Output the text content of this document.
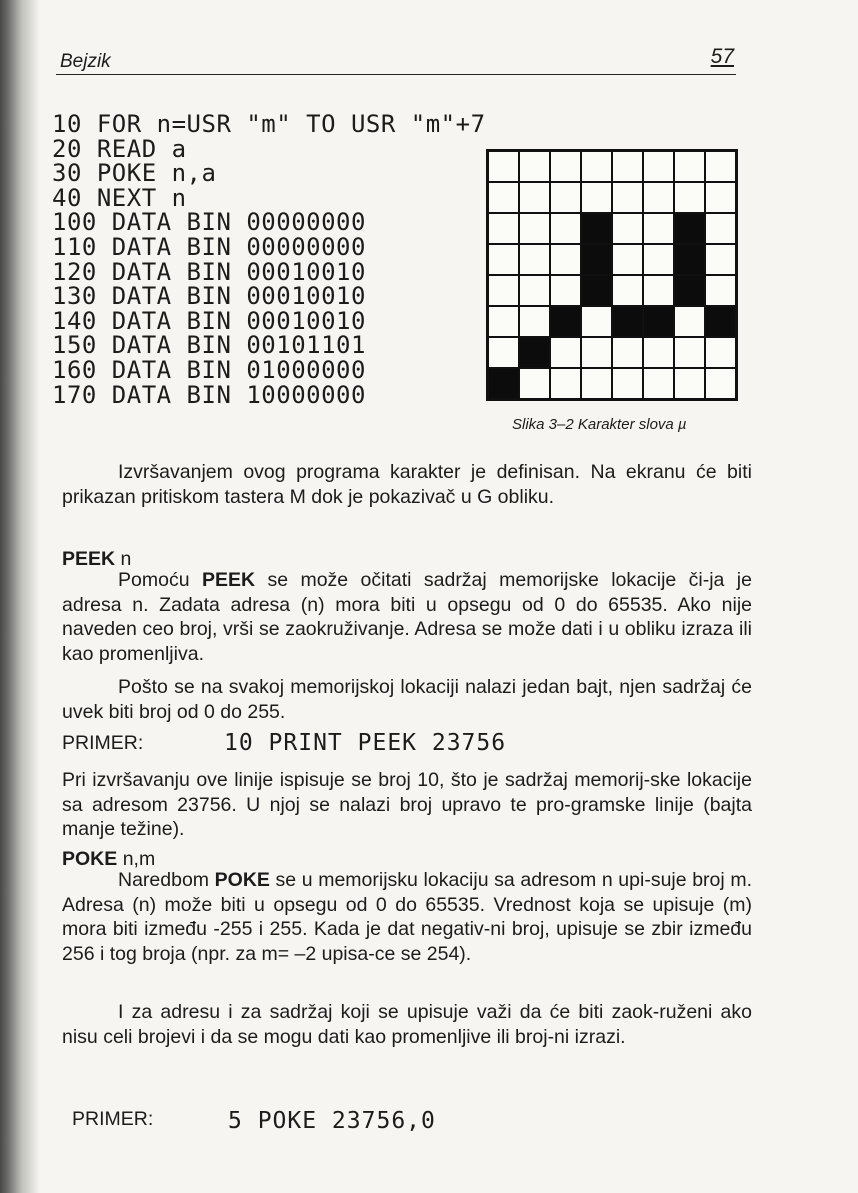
Bejzik	57
10 FOR n=USR "m" TO USR "m"+7
20 READ a
30 POKE n,a
40 NEXT n
100 DATA BIN 00000000
110 DATA BIN 00000000
120 DATA BIN 00010010
130 DATA BIN 00010010
140 DATA BIN 00010010
150 DATA BIN 00101101
160 DATA BIN 01000000
170 DATA BIN 10000000
Slika 3–2 Karakter slova µ
Izvršavanjem ovog programa karakter je definisan. Na ekranu će biti prikazan pritiskom tastera M dok je pokazivač u G obliku.
PEEK n
Pomoću PEEK se može očitati sadržaj memorijske lokacije či-ja je adresa n. Zadata adresa (n) mora biti u opsegu od 0 do 65535. Ako nije naveden ceo broj, vrši se zaokruživanje. Adresa se može dati i u obliku izraza ili kao promenljiva.
Pošto se na svakoj memorijskoj lokaciji nalazi jedan bajt, njen sadržaj će uvek biti broj od 0 do 255.
PRIMER:	10 PRINT PEEK 23756
Pri izvršavanju ove linije ispisuje se broj 10, što je sadržaj memorij-ske lokacije sa adresom 23756. U njoj se nalazi broj upravo te pro-gramske linije (bajta manje težine).
POKE n,m
Naredbom POKE se u memorijsku lokaciju sa adresom n upi-suje broj m. Adresa (n) može biti u opsegu od 0 do 65535. Vrednost koja se upisuje (m) mora biti između -255 i 255. Kada je dat negativ-ni broj, upisuje se zbir između 256 i tog broja (npr. za m= –2 upisa-ce se 254).
I za adresu i za sadržaj koji se upisuje važi da će biti zaok-ruženi ako nisu celi brojevi i da se mogu dati kao promenljive ili broj-ni izrazi.
PRIMER:	5 POKE 23756,0
